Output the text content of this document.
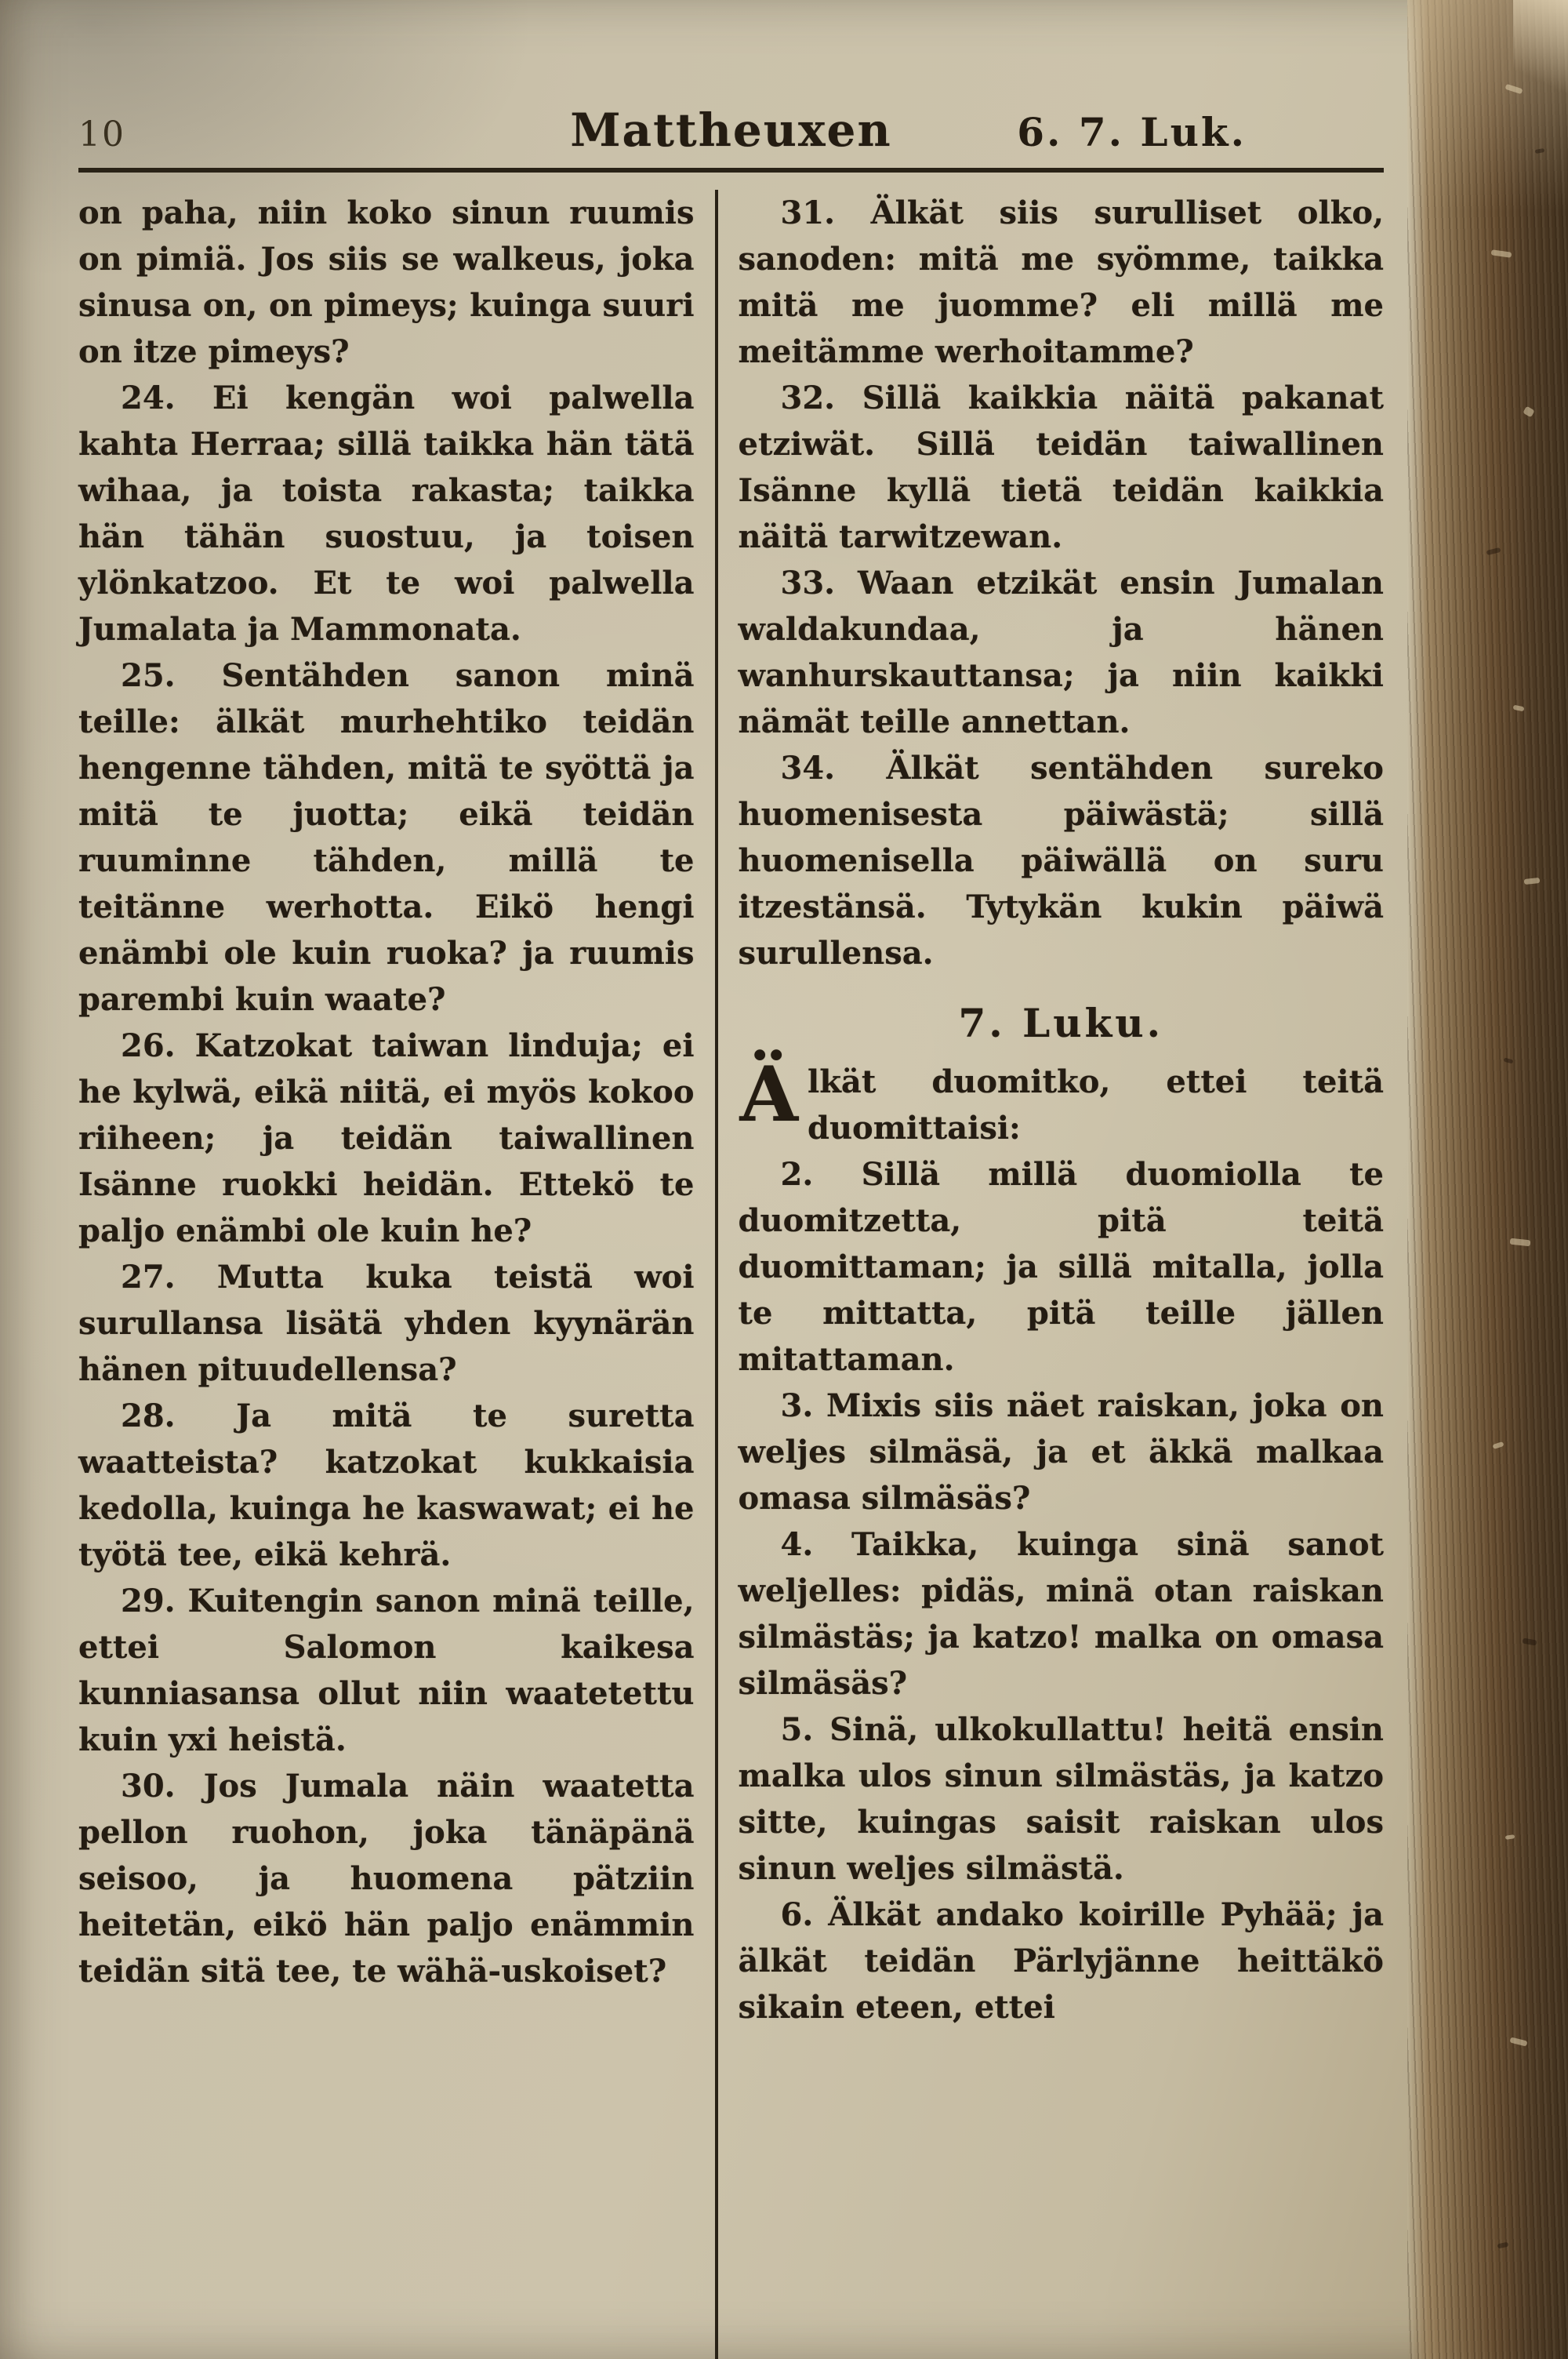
10	Mattheuxen	6. 7. Luk.

on paha, niin koko sinun ruumis on pimiä. Jos siis se walkeus, joka sinusa on, on pimeys; kuinga suuri on itze pimeys?

24. Ei kengän woi palwella kahta Herraa; sillä taikka hän tätä wihaa, ja toista rakasta; taikka hän tähän suostuu, ja toisen ylönkatzoo. Et te woi palwella Jumalata ja Mammonata.

25. Sentähden sanon minä teille: älkät murhehtiko teidän hengenne tähden, mitä te syöttä ja mitä te juotta; eikä teidän ruuminne tähden, millä te teitänne werhotta. Eikö hengi enämbi ole kuin ruoka? ja ruumis parembi kuin waate?

26. Katzokat taiwan linduja; ei he kylwä, eikä niitä, ei myös kokoo riiheen; ja teidän taiwallinen Isänne ruokki heidän. Ettekö te paljo enämbi ole kuin he?

27. Mutta kuka teistä woi surullansa lisätä yhden kyynärän hänen pituudellensa?

28. Ja mitä te suretta waatteista? katzokat kukkaisia kedolla, kuinga he kaswawat; ei he työtä tee, eikä kehrä.

29. Kuitengin sanon minä teille, ettei Salomon kaikesa kunniasansa ollut niin waatetettu kuin yxi heistä.

30. Jos Jumala näin waatetta pellon ruohon, joka tänäpänä seisoo, ja huomena pätziin heitetän, eikö hän paljo enämmin teidän sitä tee, te wähä-uskoiset?

31. Älkät siis surulliset olko, sanoden: mitä me syömme, taikka mitä me juomme? eli millä me meitämme werhoitamme?

32. Sillä kaikkia näitä pakanat etziwät. Sillä teidän taiwallinen Isänne kyllä tietä teidän kaikkia näitä tarwitzewan.

33. Waan etzikät ensin Jumalan waldakundaa, ja hänen wanhurskauttansa; ja niin kaikki nämät teille annettan.

34. Älkät sentähden sureko huomenisesta päiwästä; sillä huomenisella päiwällä on suru itzestänsä. Tytykän kukin päiwä surullensa.

7. Luku.

Älkät duomitko, ettei teitä duomittaisi:

2. Sillä millä duomiolla te duomitzetta, pitä teitä duomittaman; ja sillä mitalla, jolla te mittatta, pitä teille jällen mitattaman.

3. Mixis siis näet raiskan, joka on weljes silmäsä, ja et äkkä malkaa omasa silmäsäs?

4. Taikka, kuinga sinä sanot weljelles: pidäs, minä otan raiskan silmästäs; ja katzo! malka on omasa silmäsäs?

5. Sinä, ulkokullattu! heitä ensin malka ulos sinun silmästäs, ja katzo sitte, kuingas saisit raiskan ulos sinun weljes silmästä.

6. Älkät andako koirille Pyhää; ja älkät teidän Pärlyjänne heittäkö sikain eteen, ettei
